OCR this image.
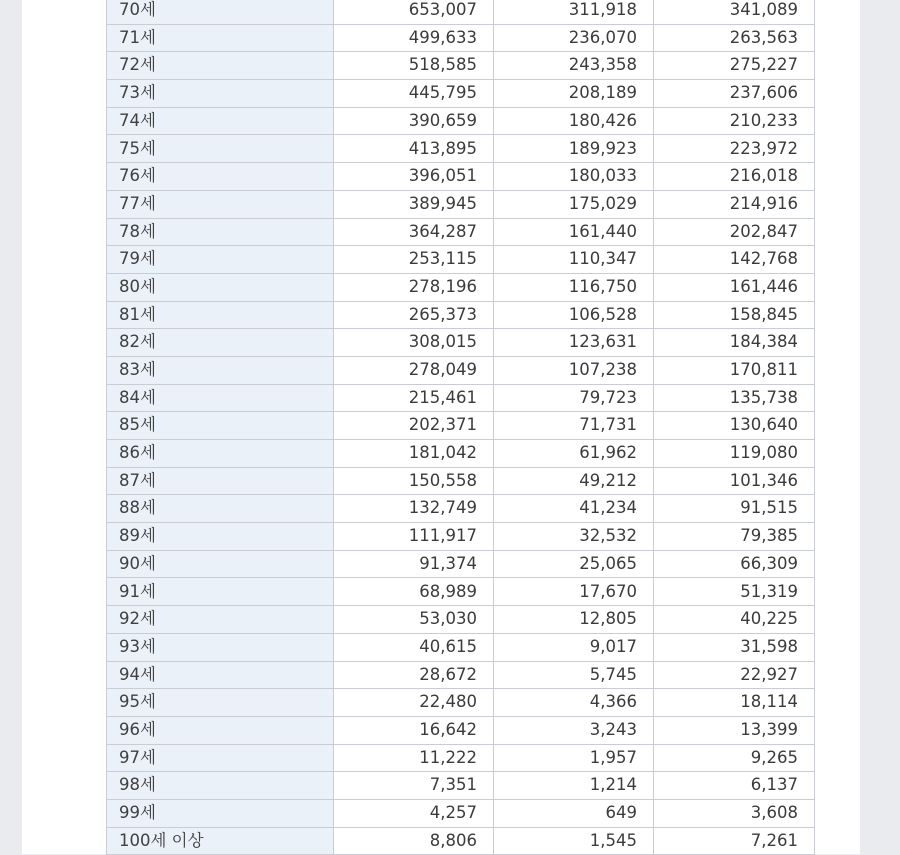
70세	653,007	311,918	341,089
71세	499,633	236,070	263,563
72세	518,585	243,358	275,227
73세	445,795	208,189	237,606
74세	390,659	180,426	210,233
75세	413,895	189,923	223,972
76세	396,051	180,033	216,018
77세	389,945	175,029	214,916
78세	364,287	161,440	202,847
79세	253,115	110,347	142,768
80세	278,196	116,750	161,446
81세	265,373	106,528	158,845
82세	308,015	123,631	184,384
83세	278,049	107,238	170,811
84세	215,461	79,723	135,738
85세	202,371	71,731	130,640
86세	181,042	61,962	119,080
87세	150,558	49,212	101,346
88세	132,749	41,234	91,515
89세	111,917	32,532	79,385
90세	91,374	25,065	66,309
91세	68,989	17,670	51,319
92세	53,030	12,805	40,225
93세	40,615	9,017	31,598
94세	28,672	5,745	22,927
95세	22,480	4,366	18,114
96세	16,642	3,243	13,399
97세	11,222	1,957	9,265
98세	7,351	1,214	6,137
99세	4,257	649	3,608
100세 이상	8,806	1,545	7,261
